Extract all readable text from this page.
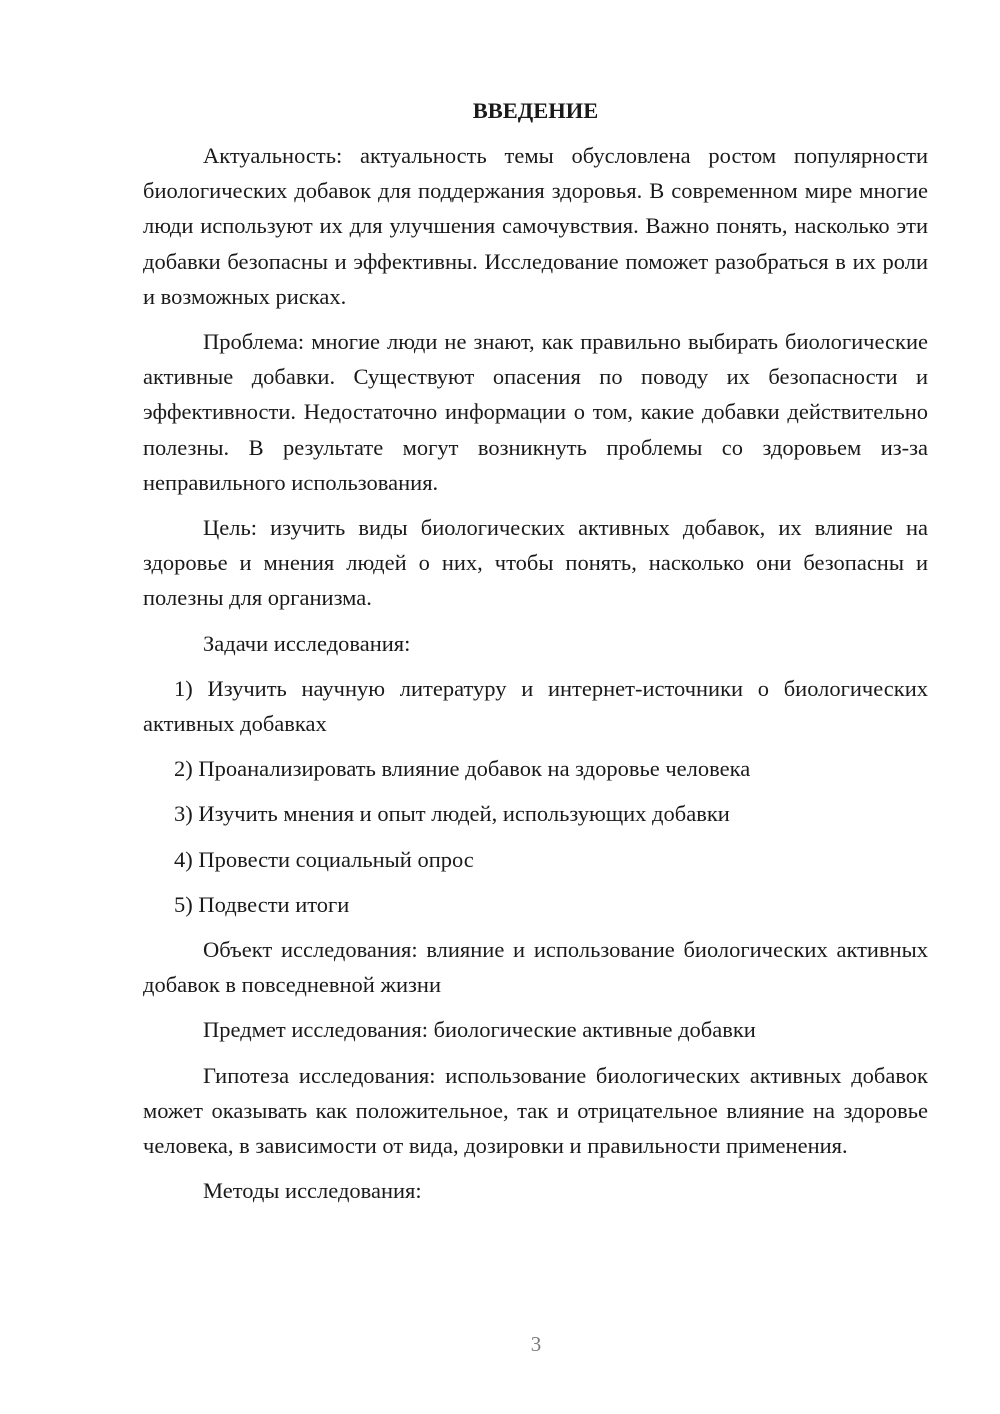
ВВЕДЕНИЕ

Актуальность: актуальность темы обусловлена ростом популярности биологических добавок для поддержания здоровья. В современном мире многие люди используют их для улучшения самочувствия. Важно понять, насколько эти добавки безопасны и эффективны. Исследование поможет разобраться в их роли и возможных рисках.

Проблема: многие люди не знают, как правильно выбирать биологические активные добавки. Существуют опасения по поводу их безопасности и эффективности. Недостаточно информации о том, какие добавки действительно полезны. В результате могут возникнуть проблемы со здоровьем из-за неправильного использования.

Цель: изучить виды биологических активных добавок, их влияние на здоровье и мнения людей о них, чтобы понять, насколько они безопасны и полезны для организма.

Задачи исследования:

1) Изучить научную литературу и интернет-источники о биологических активных добавках

2) Проанализировать влияние добавок на здоровье человека

3) Изучить мнения и опыт людей, использующих добавки

4) Провести социальный опрос

5) Подвести итоги

Объект исследования: влияние и использование биологических активных добавок в повседневной жизни

Предмет исследования: биологические активные добавки

Гипотеза исследования: использование биологических активных добавок может оказывать как положительное, так и отрицательное влияние на здоровье человека, в зависимости от вида, дозировки и правильности применения.

Методы исследования:

3
